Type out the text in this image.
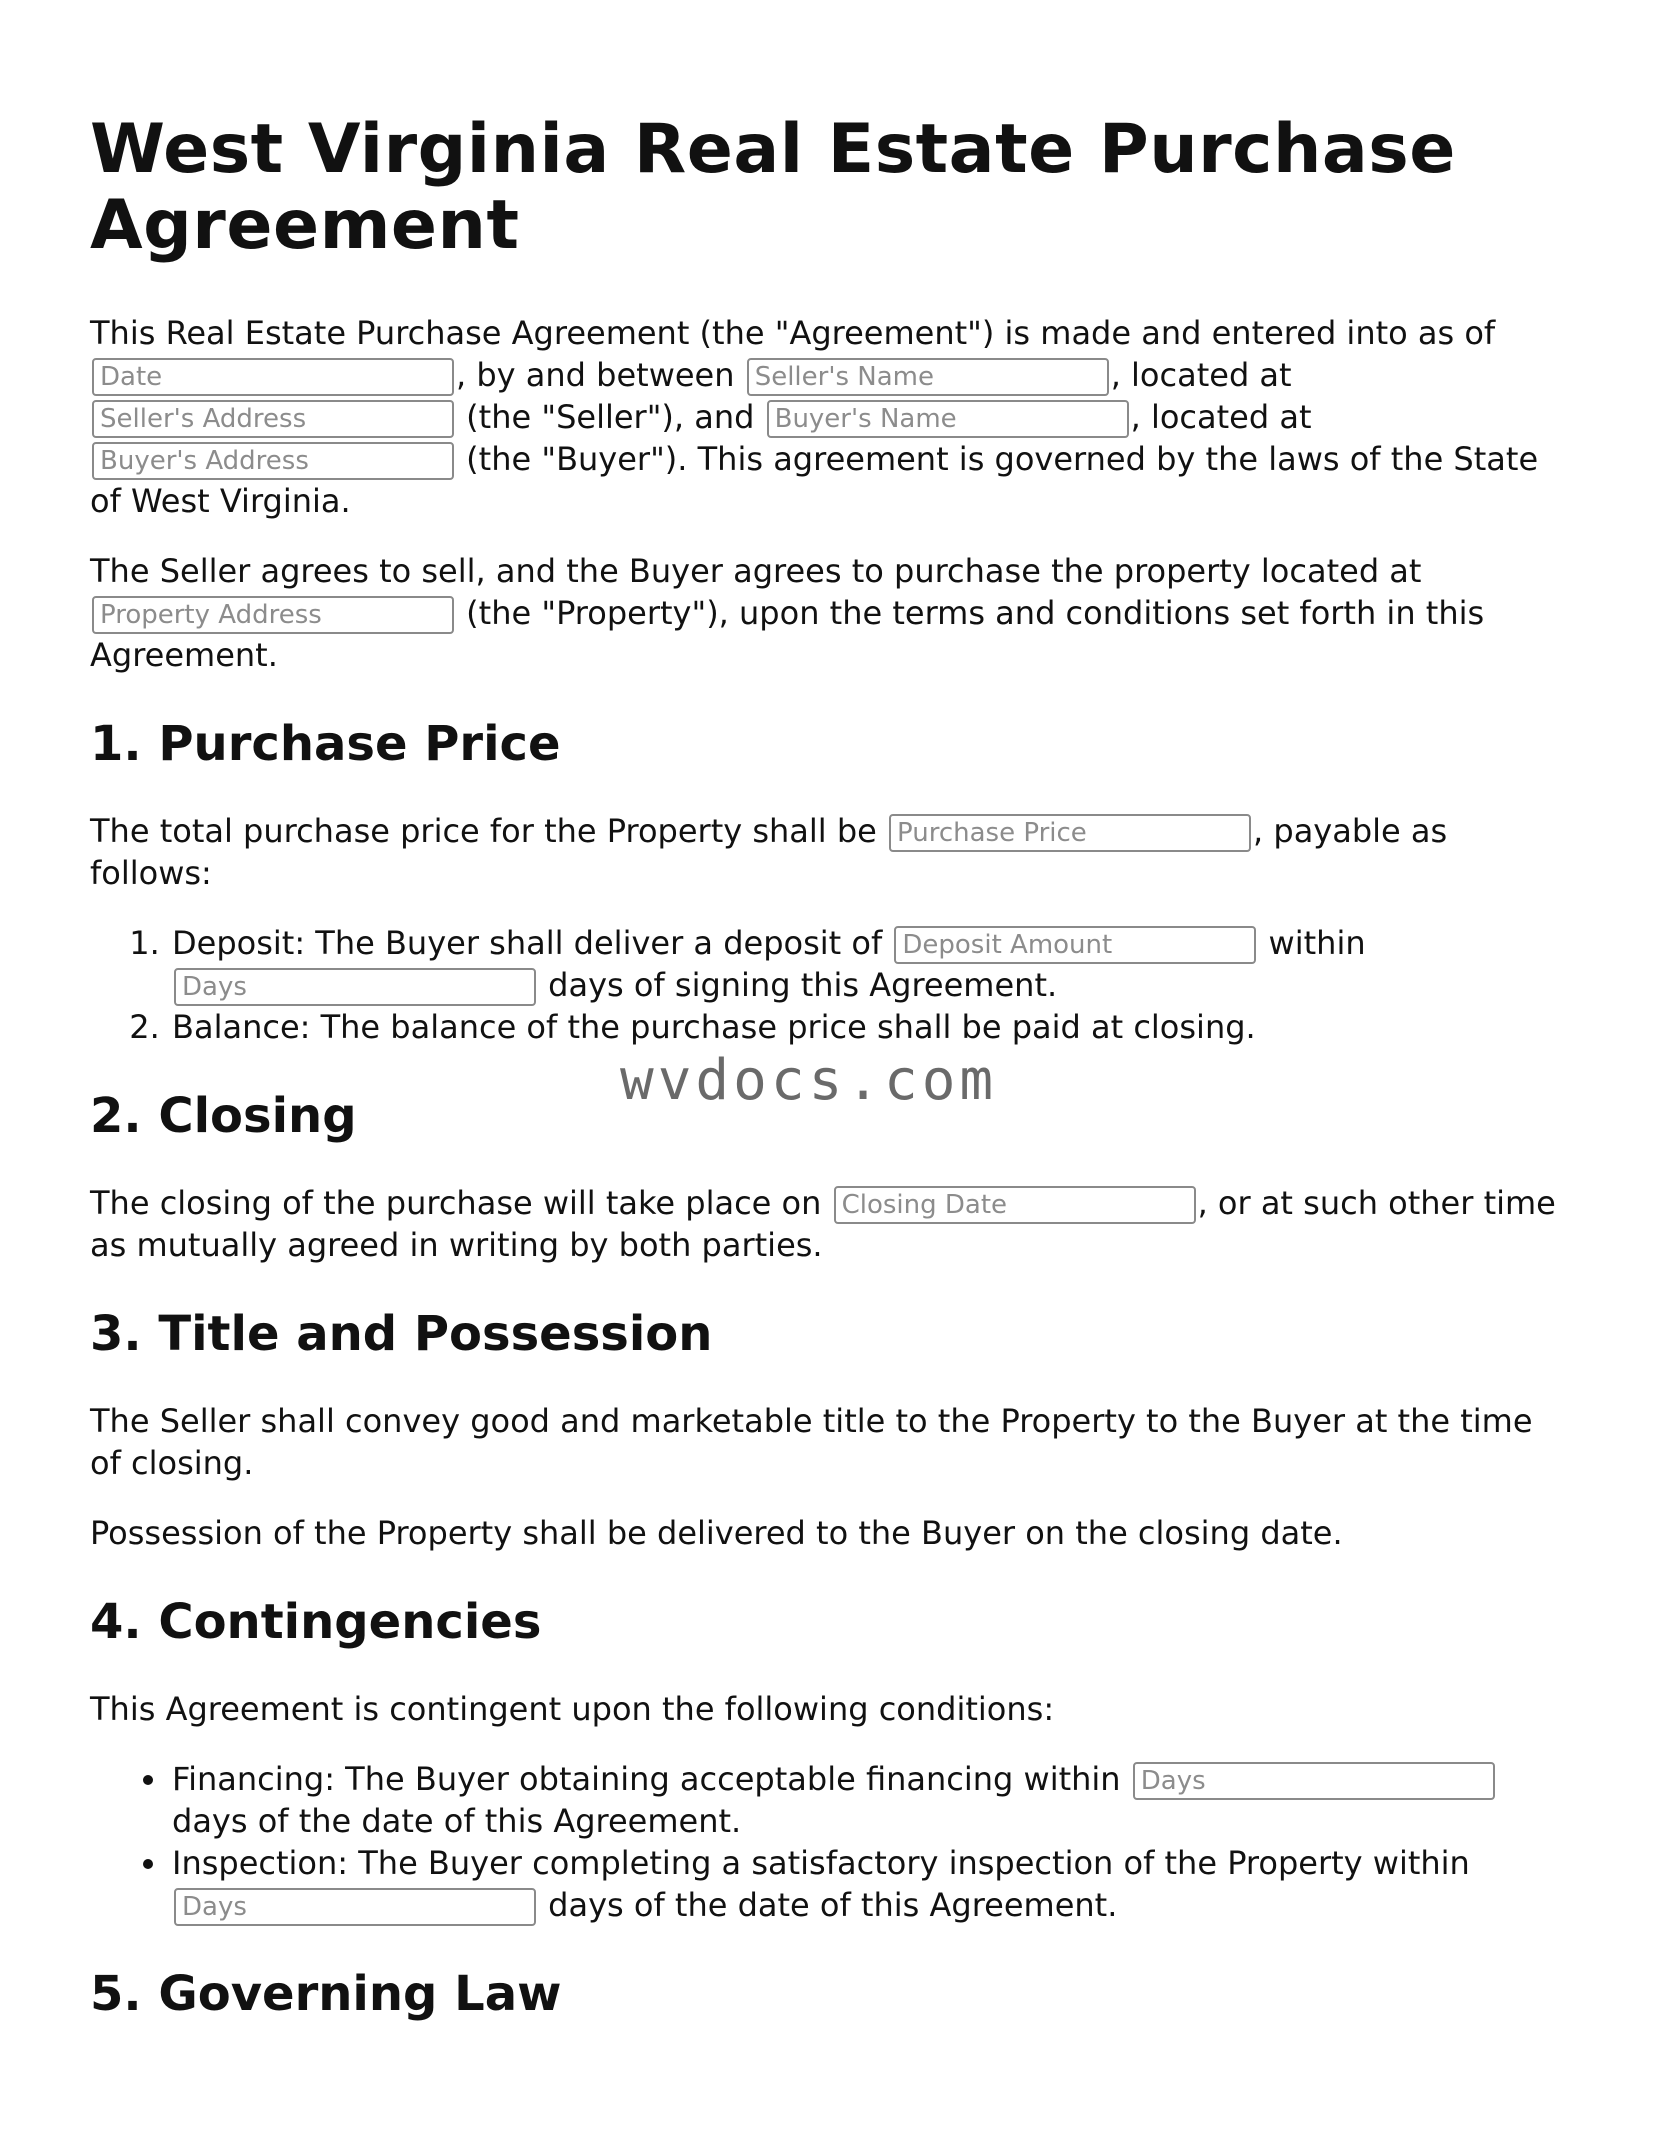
West Virginia Real Estate Purchase Agreement

This Real Estate Purchase Agreement (the "Agreement") is made and entered into as of Date, by and between Seller's Name	, located at Seller's Address (the "Seller"), and Buyer's Name	, located at Buyer's Address (the "Buyer"). This agreement is governed by the laws of the State of West Virginia.

The Seller agrees to sell, and the Buyer agrees to purchase the property located at Property Address (the "Property"), upon the terms and conditions set forth in this Agreement.

1. Purchase Price

The total purchase price for the Property shall be Purchase Price	, payable as follows:

1. Deposit: The Buyer shall deliver a deposit of Deposit Amount	within Days days of signing this Agreement.
2. Balance: The balance of the purchase price shall be paid at closing.
2. Closing

The closing of the purchase will take place on Closing Date	, or at such other time as mutually agreed in writing by both parties.

3. Title and Possession

The Seller shall convey good and marketable title to the Property to the Buyer at the time of closing.

Possession of the Property shall be delivered to the Buyer on the closing date.

4. Contingencies

This Agreement is contingent upon the following conditions:

• Financing: The Buyer obtaining acceptable financing within Days days of the date of this Agreement.
• Inspection: The Buyer completing a satisfactory inspection of the Property within Days days of the date of this Agreement.
5. Governing Law
wvdocs.com
